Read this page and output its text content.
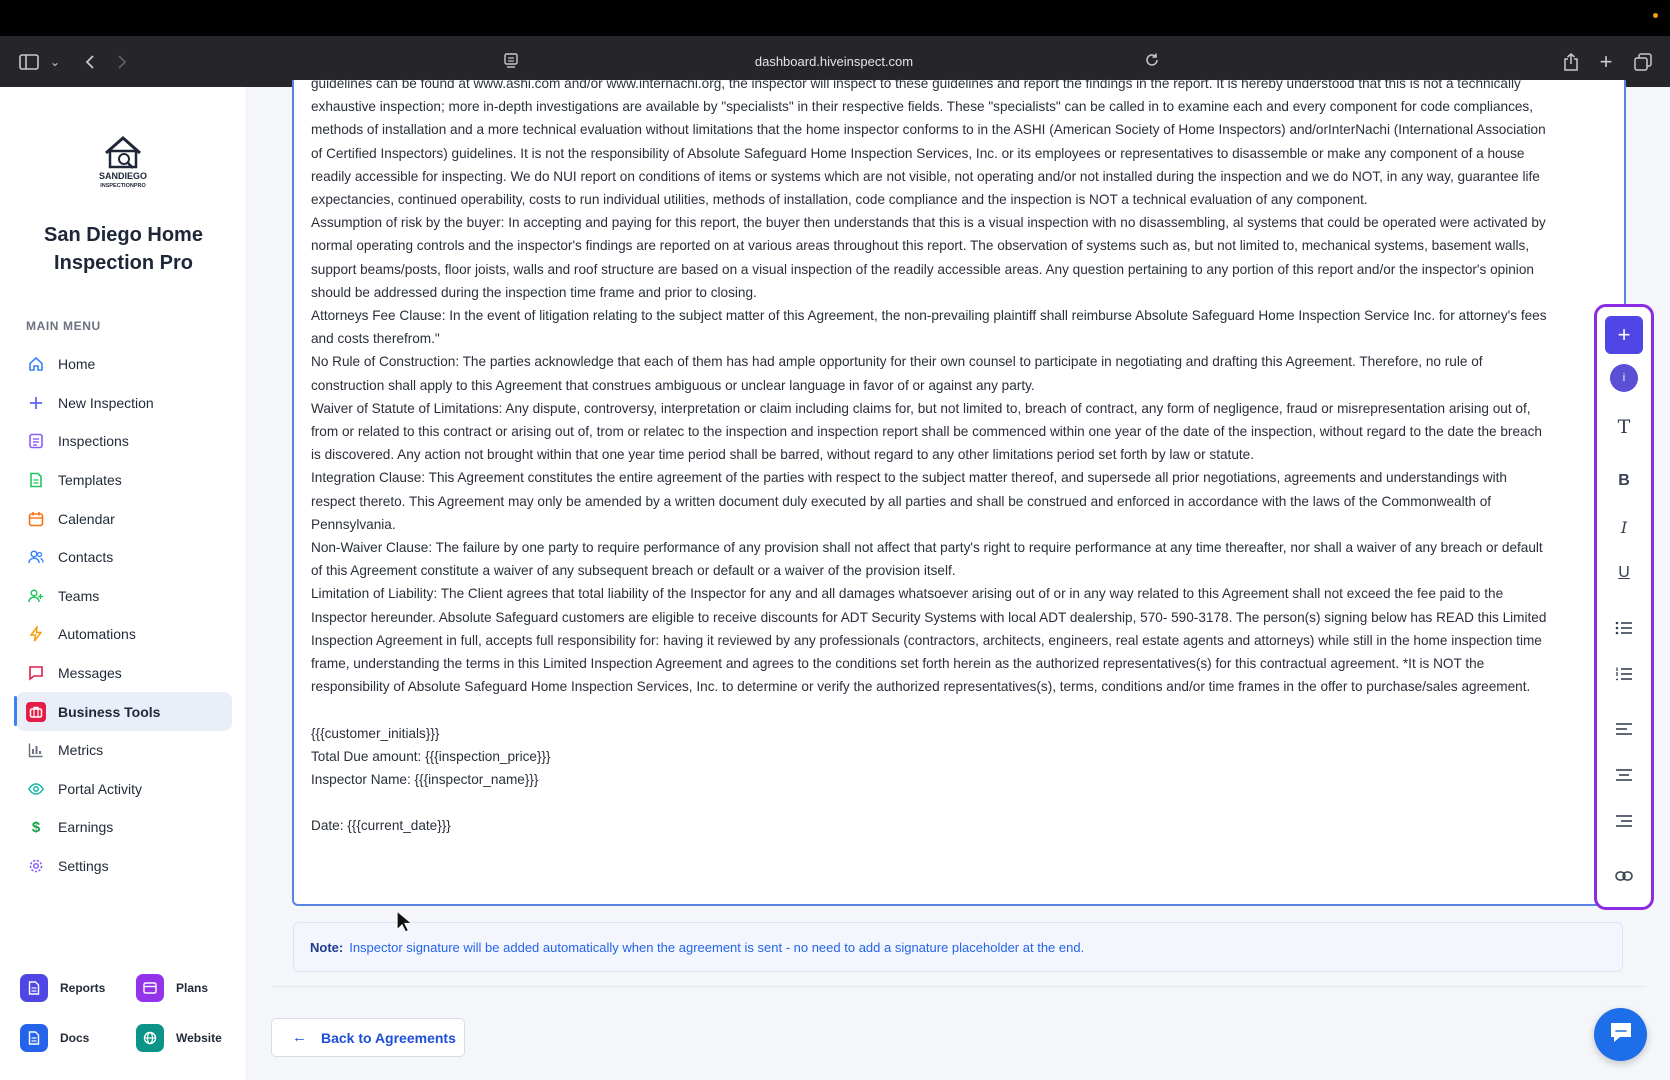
⌄	dashboard.hiveinspect.com	+
SANDIEGO
INSPECTIONPRO
San Diego Home Inspection Pro
MAIN MENU
Home
New Inspection
Inspections
Templates
Calendar
Contacts
Teams
Automations
Messages
Business Tools
Metrics
Portal Activity
$ Earnings
Settings
Reports	Plans
Docs	Website

guidelines can be found at www.ashi.com and/or www.internachi.org, the inspector will inspect to these guidelines and report the findings in the report. It is hereby understood that this is not a technically exhaustive inspection; more in-depth investigations are available by "specialists" in their respective fields. These "specialists" can be called in to examine each and every component for code compliances, methods of installation and a more technical evaluation without limitations that the home inspector conforms to in the ASHI (American Society of Home Inspectors) and/orInterNachi (International Association of Certified Inspectors) guidelines. It is not the responsibility of Absolute Safeguard Home Inspection Services, Inc. or its employees or representatives to disassemble or make any component of a house readily accessible for inspecting. We do NUI report on conditions of items or systems which are not visible, not operating and/or not installed during the inspection and we do NOT, in any way, guarantee life expectancies, continued operability, costs to run individual utilities, methods of installation, code compliance and the inspection is NOT a technical evaluation of any component.

Assumption of risk by the buyer: In accepting and paying for this report, the buyer then understands that this is a visual inspection with no disassembling, al systems that could be operated were activated by normal operating controls and the inspector's findings are reported on at various areas throughout this report. The observation of systems such as, but not limited to, mechanical systems, basement walls, support beams/posts, floor joists, walls and roof structure are based on a visual inspection of the readily accessible areas. Any question pertaining to any portion of this report and/or the inspector's opinion should be addressed during the inspection time frame and prior to closing.

Attorneys Fee Clause: In the event of litigation relating to the subject matter of this Agreement, the non-prevailing plaintiff shall reimburse Absolute Safeguard Home Inspection Service Inc. for attorney's fees and costs therefrom."

No Rule of Construction: The parties acknowledge that each of them has had ample opportunity for their own counsel to participate in negotiating and drafting this Agreement. Therefore, no rule of construction shall apply to this Agreement that construes ambiguous or unclear language in favor of or against any party.

Waiver of Statute of Limitations: Any dispute, controversy, interpretation or claim including claims for, but not limited to, breach of contract, any form of negligence, fraud or misrepresentation arising out of, from or related to this contract or arising out of, trom or relatec to the inspection and inspection report shall be commenced within one year of the date of the inspection, without regard to the date the breach is discovered. Any action not brought within that one year time period shall be barred, without regard to any other limitations period set forth by law or statute.

Integration Clause: This Agreement constitutes the entire agreement of the parties with respect to the subject matter thereof, and supersede all prior negotiations, agreements and understandings with respect thereto. This Agreement may only be amended by a written document duly executed by all parties and shall be construed and enforced in accordance with the laws of the Commonwealth of Pennsylvania.

Non-Waiver Clause: The failure by one party to require performance of any provision shall not affect that party's right to require performance at any time thereafter, nor shall a waiver of any breach or default of this Agreement constitute a waiver of any subsequent breach or default or a waiver of the provision itself.

Limitation of Liability: The Client agrees that total liability of the Inspector for any and all damages whatsoever arising out of or in any way related to this Agreement shall not exceed the fee paid to the Inspector hereunder. Absolute Safeguard customers are eligible to receive discounts for ADT Security Systems with local ADT dealership, 570- 590-3178. The person(s) signing below has READ this Limited Inspection Agreement in full, accepts full responsibility for: having it reviewed by any professionals (contractors, architects, engineers, real estate agents and attorneys) while still in the home inspection time frame, understanding the terms in this Limited Inspection Agreement and agrees to the conditions set forth herein as the authorized representatives(s) for this contractual agreement. *It is NOT the responsibility of Absolute Safeguard Home Inspection Services, Inc. to determine or verify the authorized representatives(s), terms, conditions and/or time frames in the offer to purchase/sales agreement.

{{{customer_initials}}}

Total Due amount: {{{inspection_price}}}

Inspector Name: {{{inspector_name}}}

Date: {{{current_date}}}

+
i
T
B
I
U
Note: Inspector signature will be added automatically when the agreement is sent - no need to add a signature placeholder at the end.
← Back to Agreements
